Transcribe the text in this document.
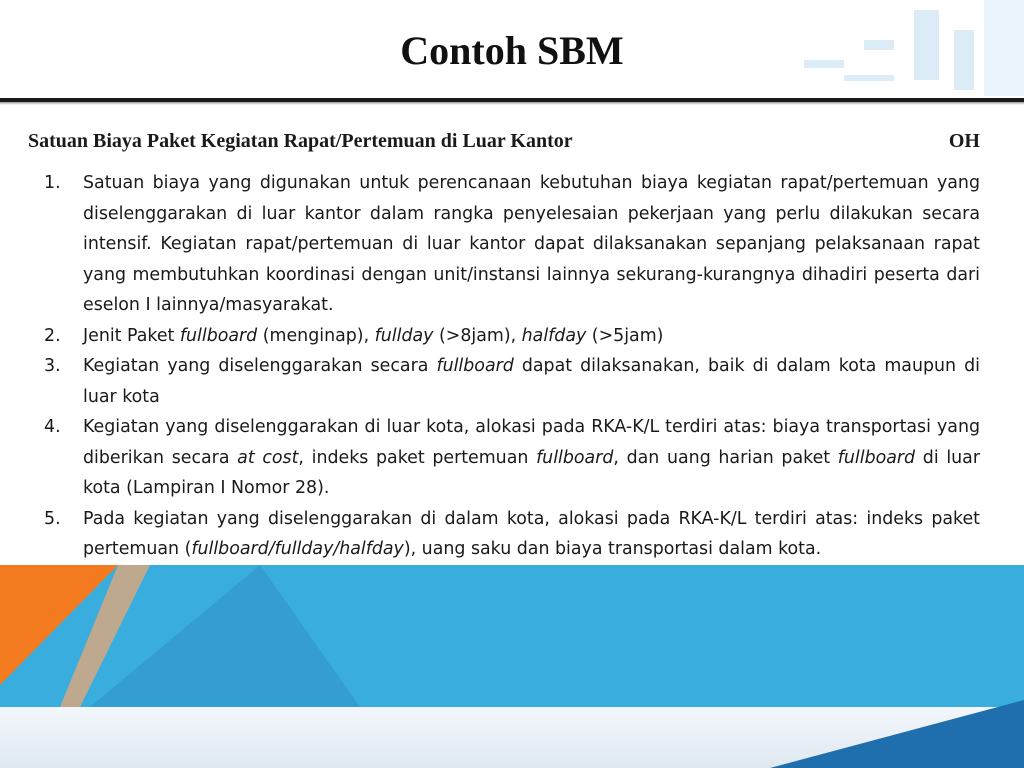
Contoh SBM
Satuan Biaya Paket Kegiatan Rapat/Pertemuan di Luar Kantor	OH
1. Satuan biaya yang digunakan untuk perencanaan kebutuhan biaya kegiatan rapat/pertemuan yang diselenggarakan di luar kantor dalam rangka penyelesaian pekerjaan yang perlu dilakukan secara intensif. Kegiatan rapat/pertemuan di luar kantor dapat dilaksanakan sepanjang pelaksanaan rapat yang membutuhkan koordinasi dengan unit/instansi lainnya sekurang-kurangnya dihadiri peserta dari eselon I lainnya/masyarakat.
2. Jenit Paket fullboard (menginap), fullday (>8jam), halfday (>5jam)
3. Kegiatan yang diselenggarakan secara fullboard dapat dilaksanakan, baik di dalam kota maupun di luar kota
4. Kegiatan yang diselenggarakan di luar kota, alokasi pada RKA-K/L terdiri atas: biaya transportasi yang diberikan secara at cost, indeks paket pertemuan fullboard, dan uang harian paket fullboard di luar kota (Lampiran I Nomor 28).
5. Pada kegiatan yang diselenggarakan di dalam kota, alokasi pada RKA-K/L terdiri atas: indeks paket pertemuan (fullboard/fullday/halfday), uang saku dan biaya transportasi dalam kota.
